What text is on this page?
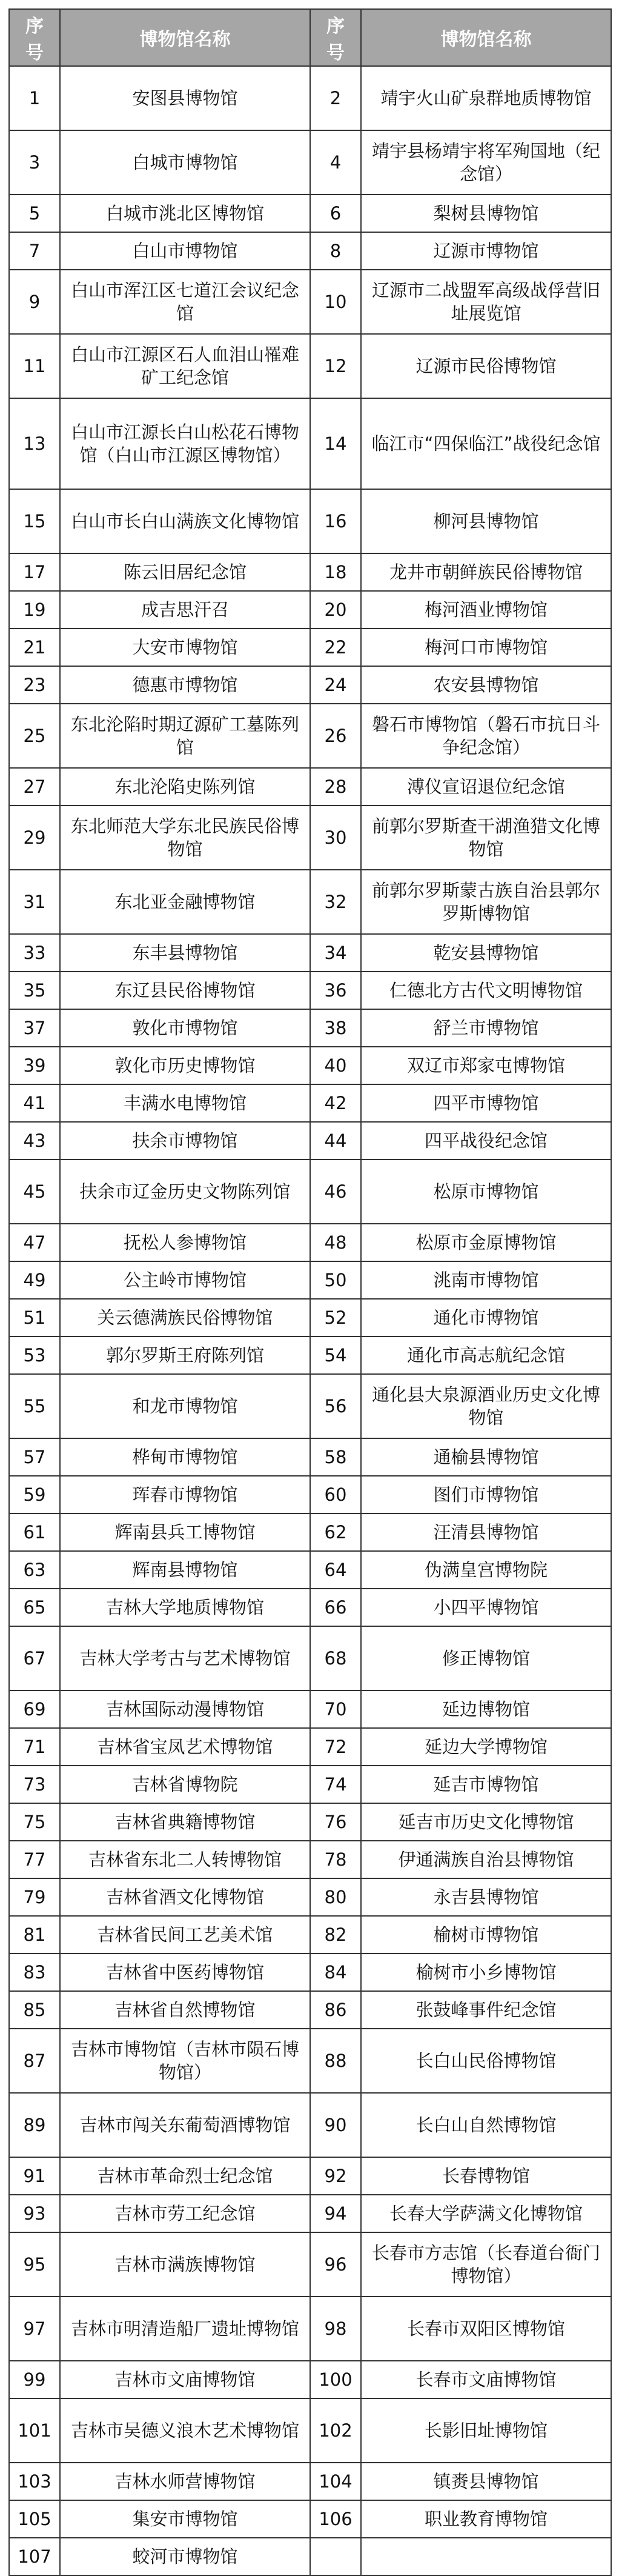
序号	博物馆名称	序号	博物馆名称
1	安图县博物馆	2	靖宇火山矿泉群地质博物馆
3	白城市博物馆	4	靖宇县杨靖宇将军殉国地（纪念馆）
5	白城市洮北区博物馆	6	梨树县博物馆
7	白山市博物馆	8	辽源市博物馆
9	白山市浑江区七道江会议纪念馆	10	辽源市二战盟军高级战俘营旧址展览馆
11	白山市江源区石人血泪山罹难矿工纪念馆	12	辽源市民俗博物馆
13	白山市江源长白山松花石博物馆（白山市江源区博物馆）	14	临江市“四保临江”战役纪念馆
15	白山市长白山满族文化博物馆	16	柳河县博物馆
17	陈云旧居纪念馆	18	龙井市朝鲜族民俗博物馆
19	成吉思汗召	20	梅河酒业博物馆
21	大安市博物馆	22	梅河口市博物馆
23	德惠市博物馆	24	农安县博物馆
25	东北沦陷时期辽源矿工墓陈列馆	26	磐石市博物馆（磐石市抗日斗争纪念馆）
27	东北沦陷史陈列馆	28	溥仪宣诏退位纪念馆
29	东北师范大学东北民族民俗博物馆	30	前郭尔罗斯查干湖渔猎文化博物馆
31	东北亚金融博物馆	32	前郭尔罗斯蒙古族自治县郭尔罗斯博物馆
33	东丰县博物馆	34	乾安县博物馆
35	东辽县民俗博物馆	36	仁德北方古代文明博物馆
37	敦化市博物馆	38	舒兰市博物馆
39	敦化市历史博物馆	40	双辽市郑家屯博物馆
41	丰满水电博物馆	42	四平市博物馆
43	扶余市博物馆	44	四平战役纪念馆
45	扶余市辽金历史文物陈列馆	46	松原市博物馆
47	抚松人参博物馆	48	松原市金原博物馆
49	公主岭市博物馆	50	洮南市博物馆
51	关云德满族民俗博物馆	52	通化市博物馆
53	郭尔罗斯王府陈列馆	54	通化市高志航纪念馆
55	和龙市博物馆	56	通化县大泉源酒业历史文化博物馆
57	桦甸市博物馆	58	通榆县博物馆
59	珲春市博物馆	60	图们市博物馆
61	辉南县兵工博物馆	62	汪清县博物馆
63	辉南县博物馆	64	伪满皇宫博物院
65	吉林大学地质博物馆	66	小四平博物馆
67	吉林大学考古与艺术博物馆	68	修正博物馆
69	吉林国际动漫博物馆	70	延边博物馆
71	吉林省宝凤艺术博物馆	72	延边大学博物馆
73	吉林省博物院	74	延吉市博物馆
75	吉林省典籍博物馆	76	延吉市历史文化博物馆
77	吉林省东北二人转博物馆	78	伊通满族自治县博物馆
79	吉林省酒文化博物馆	80	永吉县博物馆
81	吉林省民间工艺美术馆	82	榆树市博物馆
83	吉林省中医药博物馆	84	榆树市小乡博物馆
85	吉林省自然博物馆	86	张鼓峰事件纪念馆
87	吉林市博物馆（吉林市陨石博物馆）	88	长白山民俗博物馆
89	吉林市闯关东葡萄酒博物馆	90	长白山自然博物馆
91	吉林市革命烈士纪念馆	92	长春博物馆
93	吉林市劳工纪念馆	94	长春大学萨满文化博物馆
95	吉林市满族博物馆	96	长春市方志馆（长春道台衙门博物馆）
97	吉林市明清造船厂遗址博物馆	98	长春市双阳区博物馆
99	吉林市文庙博物馆	100	长春市文庙博物馆
101	吉林市吴德义浪木艺术博物馆	102	长影旧址博物馆
103	吉林水师营博物馆	104	镇赉县博物馆
105	集安市博物馆	106	职业教育博物馆
107	蛟河市博物馆		
